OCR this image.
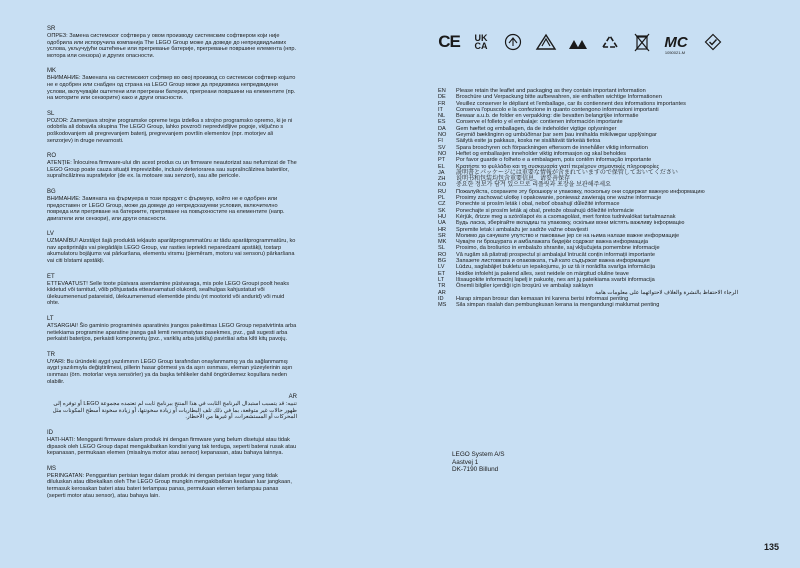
SR
ОПРЕЗ: Замена системског софтвера у овом производу системским софтвером који није одобрила или испоручила компанија The LEGO Group може да доведе до непредвидљивих услова, укључујући оштећење или прегревање батерије, прегревање површине елемента (нпр. мотора или сензора) и других опасности.
MK
ВНИМАНИЕ: Замената на системскиот софтвер во овој производ со системски софтвер којшто не е одобрен или снабден од страна на LEGO Group може да предизвика непредвидени услови, вклучувајќи оштетени или прегреани батерии, прегреани површини на елементите (пр. на моторите или сензорите) како и други опасности.
SL
POZOR: Zamenjava strojne programske opreme tega izdelka s strojno programsko opremo, ki je ni odobrila ali dobavila skupina The LEGO Group, lahko povzroči nepredvidljive pogoje, vključno s poškodovanjem ali pregrevanjem baterij, pregrevanjem površin elementov (npr. motorjev ali senzorjev) in druge nevarnosti.
RO
ATENȚIE: Înlocuirea firmware-ului din acest produs cu un firmware neautorizat sau nefurnizat de The LEGO Group poate cauza situații imprevizibile, inclusiv deteriorarea sau supraîncălzirea bateriilor, supraîncălzirea suprafețelor (de ex. la motoare sau senzori), sau alte pericole.
BG
ВНИМАНИЕ: Замяната на фърмуера в този продукт с фърмуер, който не е одобрен или предоставен от LEGO Group, може да доведе до непредсказуеми условия, включително повреда или прегряване на батериите, прегряване на повърхностите на елементите (напр. двигатели или сензори), или други опасности.
LV
UZMANĪBU! Aizstājot šajā produktā iekļauto aparātprogrammatūru ar tādu aparātprogrammatūru, ko nav apstiprinājis vai piegādājis LEGO Group, var rasties iepriekš neparedzami apstākļi, tostarp akumulatoru bojājums vai pārkaršana, elementu virsmu (piemēram, motoru vai sensoru) pārkaršana vai citi bīstami apstākļi.
ET
ETTEVAATUST! Selle toote püsivara asendamine püsivaraga, mis pole LEGO Groupi poolt heaks kiidetud või tarnitud, võib põhjustada ettearvamatud olukordi, sealhulgas kahjustatud või ülekuumenenud patareisid, ülekuumenenud elementide pindu (nt mootorid või andurid) või muid ohte.
LT
ATSARGIAI! Šio gaminio programinės aparatinės įrangos pakeitimas LEGO Group nepatvirtinta arba netiekiama programine aparatine įranga gali lemti nenumatytas pasekmes, pvz., gali sugesti arba perkaisti baterijos, perkaisti komponentų (pvz., variklių arba jutiklių) paviršiai arba kilti kitų pavojų.
TR
UYARI: Bu üründeki aygıt yazılımının LEGO Group tarafından onaylanmamış ya da sağlanmamış aygıt yazılımıyla değiştirilmesi, pillerin hasar görmesi ya da aşırı ısınması, eleman yüzeylerinin aşırı ısınması (örn. motorlar veya sensörler) ya da başka tehlikeler dahil öngörülemez koşullara neden olabilir.
AR
تنبيه: قد يتسبب استبدال البرنامج الثابت في هذا المنتج ببرنامج ثابت لم تعتمده مجموعة LEGO أو توفره إلى ظهور حالات غير متوقعة، بما في ذلك تلف البطاريات أو زيادة سخونتها، أو زيادة سخونة أسطح المكونات مثل المحركات أو المستشعرات، أو غيرها من الأخطار.
ID
HATI-HATI: Mengganti firmware dalam produk ini dengan firmware yang belum disetujui atau tidak dipasok oleh LEGO Group dapat mengakibatkan kondisi yang tak terduga, seperti baterai rusak atau kepanasan, permukaan elemen (misalnya motor atau sensor) kepanasan, atau bahaya lainnya.
MS
PERINGATAN: Penggantian perisian tegar dalam produk ini dengan perisian tegar yang tidak diluluskan atau dibekalkan oleh The LEGO Group mungkin mengakibatkan keadaan luar jangkaan, termasuk kerosakan bateri atau bateri terlampau panas, permukaan elemen terlampau panas (seperti motor atau sensor), atau bahaya lain.
CE UK
CA	MC
1050021-M
EN	Please retain the leaflet and packaging as they contain important information
DE	Broschüre und Verpackung bitte aufbewahren, sie enthalten wichtige Informationen
FR	Veuillez conserver le dépliant et l'emballage, car ils contiennent des informations importantes
IT	Conserva l'opuscolo e la confezione in quanto contengono informazioni importanti
NL	Bewaar a.u.b. de folder en verpakking: die bevatten belangrijke informatie
ES	Conserve el folleto y el embalaje: contienen información importante
DA	Gem hæftet og emballagen, da de indeholder vigtige oplysninger
NO	Geymið bæklinginn og umbúðirnar þar sem þau innihalda mikilvægar upplýsingar
FI	Säilytä esite ja pakkaus, koska ne sisältävät tärkeää tietoa
SV	Spara broschyren och förpackningen eftersom de innehåller viktig information
NO	Heftet og emballasjen inneholder viktig informasjon og skal beholdes
PT	Por favor guarde o folheto e a embalagem, pois contêm informação importante
EL	Κρατήστε το φυλλάδιο και τη συσκευασία γιατί περιέχουν σημαντικές πληροφορίες
JA	説明書とパッケージには重要な情報が含まれていますので保管しておいてください
ZH	说明书和包装均包含重要信息，请妥善保存
KO	중요한 정보가 담겨 있으므로 리플릿과 포장을 보관해주세요
RU	Пожалуйста, сохраните эту брошюру и упаковку, поскольку они содержат важную информацию
PL	Prosimy zachować ulotkę i opakowanie, ponieważ zawierają one ważne informacje
CZ	Ponechte si prosím leták i obal, neboť obsahují důležité informace
SK	Ponechajte si prosím leták aj obal, pretože obsahujú dôležité informácie
HU	Kérjük, őrizze meg a szórólapot és a csomagolást, mert fontos tudnivalókat tartalmaznak
UA	Будь ласка, зберігайте вкладиш та упаковку, оскільки вони містять важливу інформацію
HR	Spremite letak i ambalažu jer sadrže važne obavijesti
SR	Молимо да сачувате упутство и паковање јер се на њима налазе важне информације
MK	Чувајте ги брошурата и амбалажата бидејќи содржат важна информација
SL	Prosimo, da brošurico in embalažo shranite, saj vključujeta pomembne informacije
RO	Vă rugăm să păstrați prospectul și ambalajul întrucât conțin informații importante
BG	Запазете листовката и опаковката, тъй като съдържат важна информация
LV	Lūdzu, saglabājiet bukletu un iepakojumu, jo uz tā ir norādīta svarīga informācija
ET	Hoidke infoleht ja pakend alles, sest neidele on märgitud oluline teave
LT	Išsaugokite informacinį lapelį ir pakuotę, nes ant jų pateikiama svarbi informacija
TR	Önemli bilgiler içerdiği için broşürü ve ambalajı saklayın
AR	الرجاء الاحتفاظ بالنشرة والغلاف لاحتوائهما على معلومات هامة
ID	Harap simpan brosur dan kemasan ini karena berisi informasi penting
MS	Sila simpan risalah dan pembungkusan kerana ia mengandungi maklumat penting
LEGO System A/S
Aastvej 1
DK-7190 Billund
135
